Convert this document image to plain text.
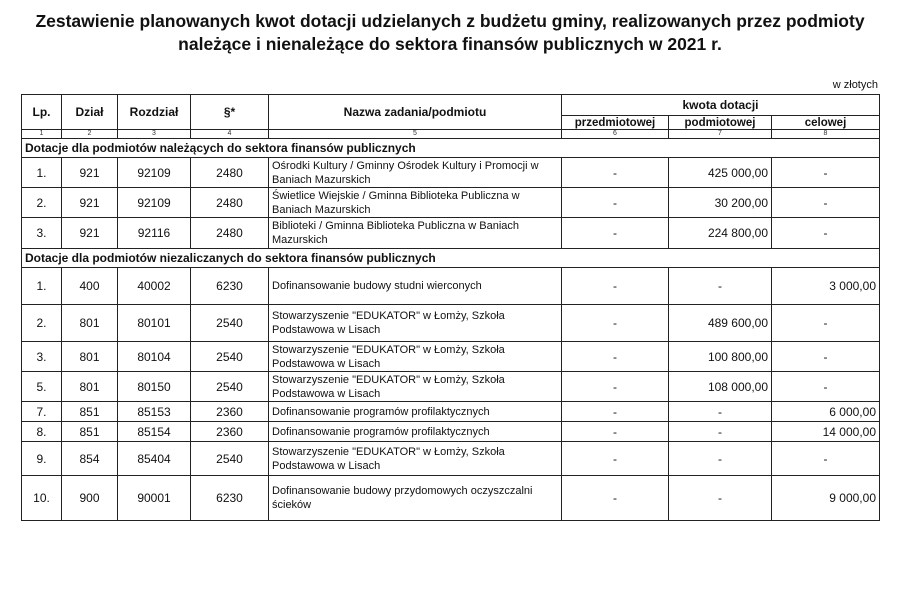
Zestawienie planowanych kwot dotacji udzielanych z budżetu gminy, realizowanych przez podmioty należące i nienależące do sektora finansów publicznych w 2021 r.
w złotych
Lp.	Dział	Rozdział	§*	Nazwa zadania/podmiotu	kwota dotacji		
					przedmiotowej	podmiotowej	celowej
1	2	3	4	5	6	7	8
Dotacje dla podmiotów należących do sektora finansów publicznych							
1.	921	92109	2480	Ośrodki Kultury / Gminny Ośrodek Kultury i Promocji w Baniach Mazurskich	-	425 000,00	-
2.	921	92109	2480	Świetlice Wiejskie / Gminna Biblioteka Publiczna w Baniach Mazurskich	-	30 200,00	-
3.	921	92116	2480	Biblioteki / Gminna Biblioteka Publiczna w Baniach Mazurskich	-	224 800,00	-
Dotacje dla podmiotów niezaliczanych do sektora finansów publicznych							
1.	400	40002	6230	Dofinansowanie budowy studni wierconych	-	-	3 000,00
2.	801	80101	2540	Stowarzyszenie "EDUKATOR" w Łomży, Szkoła Podstawowa w Lisach	-	489 600,00	-
3.	801	80104	2540	Stowarzyszenie "EDUKATOR" w Łomży, Szkoła Podstawowa w Lisach	-	100 800,00	-
5.	801	80150	2540	Stowarzyszenie "EDUKATOR" w Łomży, Szkoła Podstawowa w Lisach	-	108 000,00	-
7.	851	85153	2360	Dofinansowanie programów profilaktycznych	-	-	6 000,00
8.	851	85154	2360	Dofinansowanie programów profilaktycznych	-	-	14 000,00
9.	854	85404	2540	Stowarzyszenie "EDUKATOR" w Łomży, Szkoła Podstawowa w Lisach	-	-	-
10.	900	90001	6230	Dofinansowanie budowy przydomowych oczyszczalni ścieków	-	-	9 000,00
